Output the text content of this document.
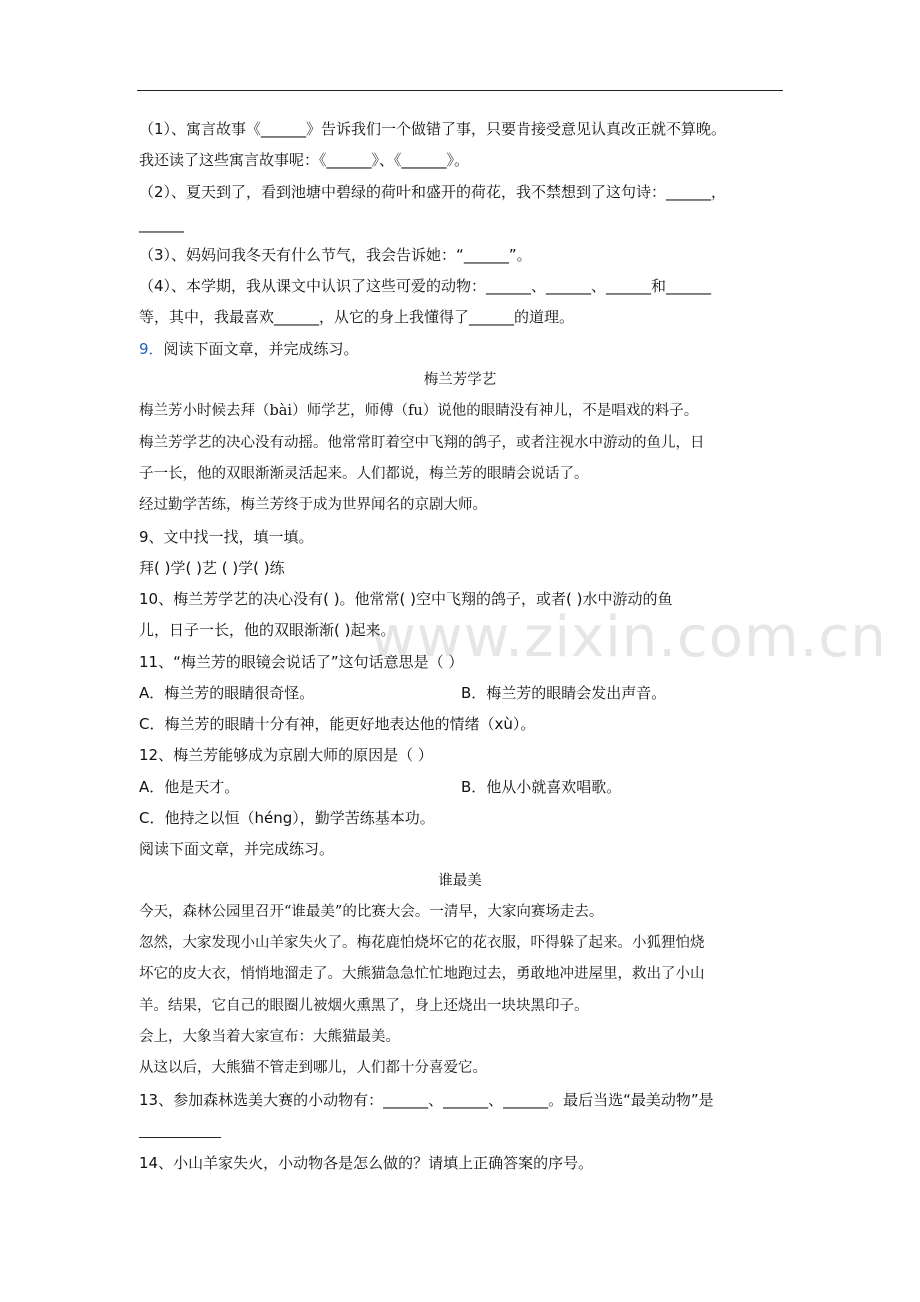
www.zixin.com.cn
（1）、寓言故事《______》告诉我们一个做错了事，只要肯接受意见认真改正就不算晚。
我还读了这些寓言故事呢：《______》、《______》。
（2）、夏天到了，看到池塘中碧绿的荷叶和盛开的荷花，我不禁想到了这句诗：______，
______
（3）、妈妈问我冬天有什么节气，我会告诉她：“______”。
（4）、本学期，我从课文中认识了这些可爱的动物：______、______、______和______
等，其中，我最喜欢______，从它的身上我懂得了______的道理。
9．阅读下面文章，并完成练习。
梅兰芳学艺
梅兰芳小时候去拜（bài）师学艺，师傅（fu）说他的眼睛没有神儿，不是唱戏的料子。
梅兰芳学艺的决心没有动摇。他常常盯着空中飞翔的鸽子，或者注视水中游动的鱼儿，日
子一长，他的双眼渐渐灵活起来。人们都说，梅兰芳的眼睛会说话了。
经过勤学苦练，梅兰芳终于成为世界闻名的京剧大师。
9、文中找一找，填一填。
拜( )学( )艺 ( )学( )练
10、梅兰芳学艺的决心没有( )。他常常( )空中飞翔的鸽子，或者( )水中游动的鱼
儿，日子一长，他的双眼渐渐( )起来。
11、“梅兰芳的眼镜会说话了”这句话意思是（ ）
A．梅兰芳的眼睛很奇怪。	B．梅兰芳的眼睛会发出声音。
C．梅兰芳的眼睛十分有神，能更好地表达他的情绪（xù）。
12、梅兰芳能够成为京剧大师的原因是（ ）
A．他是天才。	B．他从小就喜欢唱歌。
C．他持之以恒（héng），勤学苦练基本功。
阅读下面文章，并完成练习。
谁最美
今天，森林公园里召开“谁最美”的比赛大会。一清早，大家向赛场走去。
忽然，大家发现小山羊家失火了。梅花鹿怕烧坏它的花衣服，吓得躲了起来。小狐狸怕烧
坏它的皮大衣，悄悄地溜走了。大熊猫急急忙忙地跑过去，勇敢地冲进屋里，救出了小山
羊。结果，它自己的眼圈儿被烟火熏黑了，身上还烧出一块块黑印子。
会上，大象当着大家宣布：大熊猫最美。
从这以后，大熊猫不管走到哪儿，人们都十分喜爱它。
13、参加森林选美大赛的小动物有：______、______、______。最后当选“最美动物”是
14、小山羊家失火，小动物各是怎么做的？请填上正确答案的序号。
